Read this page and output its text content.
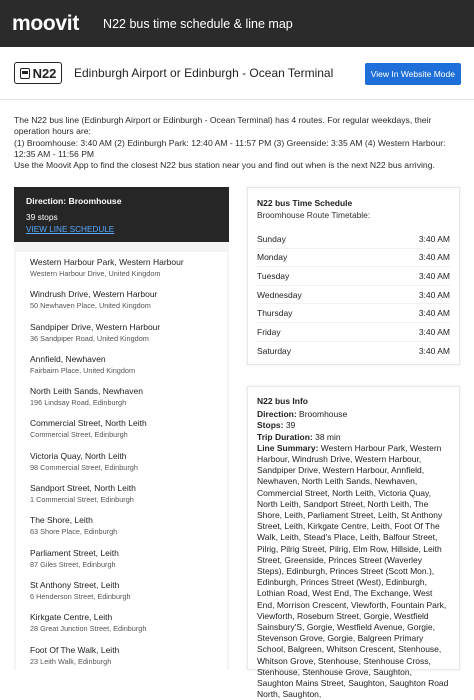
moovit N22 bus time schedule & line map
N22 Edinburgh Airport or Edinburgh - Ocean Terminal	View In Website Mode
The N22 bus line (Edinburgh Airport or Edinburgh - Ocean Terminal) has 4 routes. For regular weekdays, their operation hours are:
(1) Broomhouse: 3:40 AM (2) Edinburgh Park: 12:40 AM - 11:57 PM (3) Greenside: 3:35 AM (4) Western Harbour: 12:35 AM - 11:56 PM
Use the Moovit App to find the closest N22 bus station near you and find out when is the next N22 bus arriving.
Direction: Broomhouse
39 stops
VIEW LINE SCHEDULE
Western Harbour Park, Western Harbour
Western Harbour Drive, United Kingdom
Windrush Drive, Western Harbour
50 Newhaven Place, United Kingdom
Sandpiper Drive, Western Harbour
36 Sandpiper Road, United Kingdom
Annfield, Newhaven
Fairbairn Place, United Kingdom
North Leith Sands, Newhaven
196 Lindsay Road, Edinburgh
Commercial Street, North Leith
Commercial Street, Edinburgh
Victoria Quay, North Leith
98 Commercial Street, Edinburgh
Sandport Street, North Leith
1 Commercial Street, Edinburgh
The Shore, Leith
63 Shore Place, Edinburgh
Parliament Street, Leith
87 Giles Street, Edinburgh
St Anthony Street, Leith
6 Henderson Street, Edinburgh
Kirkgate Centre, Leith
28 Great Junction Street, Edinburgh
Foot Of The Walk, Leith
23 Leith Walk, Edinburgh
N22 bus Time Schedule
Broomhouse Route Timetable:
Sunday	3:40 AM
Monday	3:40 AM
Tuesday	3:40 AM
Wednesday	3:40 AM
Thursday	3:40 AM
Friday	3:40 AM
Saturday	3:40 AM
N22 bus Info
Direction: Broomhouse
Stops: 39
Trip Duration: 38 min
Line Summary: Western Harbour Park, Western Harbour, Windrush Drive, Western Harbour, Sandpiper Drive, Western Harbour, Annfield, Newhaven, North Leith Sands, Newhaven, Commercial Street, North Leith, Victoria Quay, North Leith, Sandport Street, North Leith, The Shore, Leith, Parliament Street, Leith, St Anthony Street, Leith, Kirkgate Centre, Leith, Foot Of The Walk, Leith, Stead's Place, Leith, Balfour Street, Pilrig, Pilrig Street, Pilrig, Elm Row, Hillside, Leith Street, Greenside, Princes Street (Waverley Steps), Edinburgh, Princes Street (Scott Mon.), Edinburgh, Princes Street (West), Edinburgh, Lothian Road, West End, The Exchange, West End, Morrison Crescent, Viewforth, Fountain Park, Viewforth, Roseburn Street, Gorgie, Westfield Sainsbury'S, Gorgie, Westfield Avenue, Gorgie, Stevenson Grove, Gorgie, Balgreen Primary School, Balgreen, Whitson Crescent, Stenhouse, Whitson Grove, Stenhouse, Stenhouse Cross, Stenhouse, Stenhouse Grove, Saughton, Saughton Mains Street, Saughton, Saughton Road North, Saughton,
